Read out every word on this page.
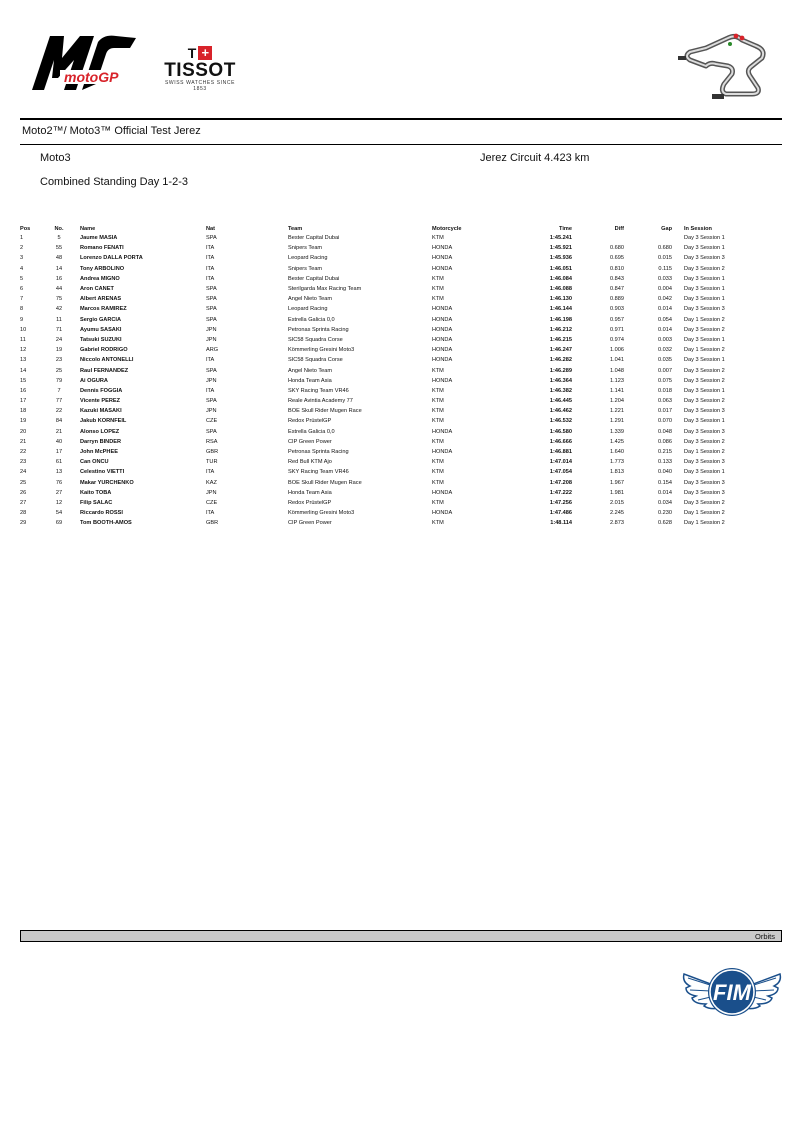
motoGP
T +
TISSOT
SWISS WATCHES SINCE 1853
Moto2™/ Moto3™ Official Test Jerez
Moto3	Jerez Circuit 4.423 km
Combined Standing Day 1-2-3
Pos	No.	Name	Nat	Team	Motorcycle	Time	Diff	Gap	In Session
1	5	Jaume MASIA	SPA	Bester Capital Dubai	KTM	1:45.241			Day 3 Session 1
2	55	Romano FENATI	ITA	Snipers Team	HONDA	1:45.921	0.680	0.680	Day 3 Session 1
3	48	Lorenzo DALLA PORTA	ITA	Leopard Racing	HONDA	1:45.936	0.695	0.015	Day 3 Session 3
4	14	Tony ARBOLINO	ITA	Snipers Team	HONDA	1:46.051	0.810	0.115	Day 3 Session 2
5	16	Andrea MIGNO	ITA	Bester Capital Dubai	KTM	1:46.084	0.843	0.033	Day 3 Session 1
6	44	Aron CANET	SPA	Sterilgarda Max Racing Team	KTM	1:46.088	0.847	0.004	Day 3 Session 1
7	75	Albert ARENAS	SPA	Angel Nieto Team	KTM	1:46.130	0.889	0.042	Day 3 Session 1
8	42	Marcos RAMIREZ	SPA	Leopard Racing	HONDA	1:46.144	0.903	0.014	Day 3 Session 3
9	11	Sergio GARCIA	SPA	Estrella Galicia 0,0	HONDA	1:46.198	0.957	0.054	Day 1 Session 2
10	71	Ayumu SASAKI	JPN	Petronas Sprinta Racing	HONDA	1:46.212	0.971	0.014	Day 3 Session 2
11	24	Tatsuki SUZUKI	JPN	SIC58 Squadra Corse	HONDA	1:46.215	0.974	0.003	Day 3 Session 1
12	19	Gabriel RODRIGO	ARG	Kömmerling Gresini Moto3	HONDA	1:46.247	1.006	0.032	Day 1 Session 2
13	23	Niccolo ANTONELLI	ITA	SIC58 Squadra Corse	HONDA	1:46.282	1.041	0.035	Day 3 Session 1
14	25	Raul FERNANDEZ	SPA	Angel Nieto Team	KTM	1:46.289	1.048	0.007	Day 3 Session 2
15	79	Ai OGURA	JPN	Honda Team Asia	HONDA	1:46.364	1.123	0.075	Day 3 Session 2
16	7	Dennis FOGGIA	ITA	SKY Racing Team VR46	KTM	1:46.382	1.141	0.018	Day 3 Session 1
17	77	Vicente PEREZ	SPA	Reale Avintia Academy 77	KTM	1:46.445	1.204	0.063	Day 3 Session 2
18	22	Kazuki MASAKI	JPN	BOE Skull Rider Mugen Race	KTM	1:46.462	1.221	0.017	Day 3 Session 3
19	84	Jakub KORNFEIL	CZE	Redox PrüstelGP	KTM	1:46.532	1.291	0.070	Day 3 Session 1
20	21	Alonso LOPEZ	SPA	Estrella Galicia 0,0	HONDA	1:46.580	1.339	0.048	Day 3 Session 3
21	40	Darryn BINDER	RSA	CIP Green Power	KTM	1:46.666	1.425	0.086	Day 3 Session 2
22	17	John McPHEE	GBR	Petronas Sprinta Racing	HONDA	1:46.881	1.640	0.215	Day 1 Session 2
23	61	Can ONCU	TUR	Red Bull KTM Ajo	KTM	1:47.014	1.773	0.133	Day 3 Session 3
24	13	Celestino VIETTI	ITA	SKY Racing Team VR46	KTM	1:47.054	1.813	0.040	Day 3 Session 1
25	76	Makar YURCHENKO	KAZ	BOE Skull Rider Mugen Race	KTM	1:47.208	1.967	0.154	Day 3 Session 3
26	27	Kaito TOBA	JPN	Honda Team Asia	HONDA	1:47.222	1.981	0.014	Day 3 Session 3
27	12	Filip SALAC	CZE	Redox PrüstelGP	KTM	1:47.256	2.015	0.034	Day 3 Session 2
28	54	Riccardo ROSSI	ITA	Kömmerling Gresini Moto3	HONDA	1:47.486	2.245	0.230	Day 1 Session 2
29	69	Tom BOOTH-AMOS	GBR	CIP Green Power	KTM	1:48.114	2.873	0.628	Day 1 Session 2
Orbits
FIM
